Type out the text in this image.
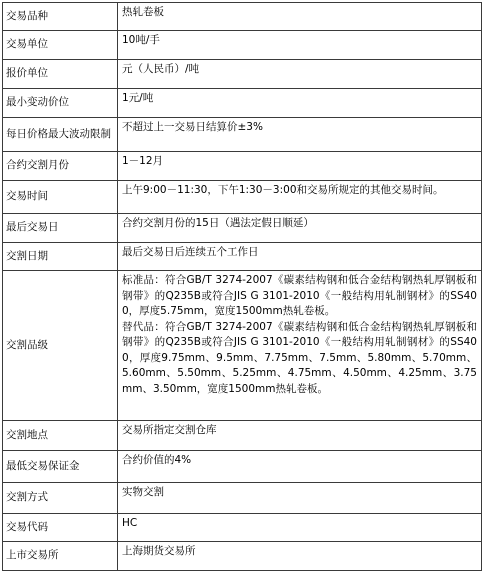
交易品种	热轧卷板
交易单位	10吨/手
报价单位	元（人民币）/吨
最小变动价位	1元/吨
每日价格最大波动限制	不超过上一交易日结算价±3%
合约交割月份	1－12月
交易时间	上午9:00－11:30，下午1:30－3:00和交易所规定的其他交易时间。
最后交易日	合约交割月份的15日（遇法定假日顺延）
交割日期	最后交易日后连续五个工作日
交割品级	标准品：符合GB/T 3274-2007《碳素结构钢和低合金结构钢热轧厚钢板和钢带》的Q235B或符合JIS G 3101-2010《一般结构用轧制钢材》的SS400，厚度5.75mm，宽度1500mm热轧卷板。
替代品：符合GB/T 3274-2007《碳素结构钢和低合金结构钢热轧厚钢板和钢带》的Q235B或符合JIS G 3101-2010《一般结构用轧制钢材》的SS400，厚度9.75mm、9.5mm、7.75mm、7.5mm、5.80mm、5.70mm、5.60mm、5.50mm、5.25mm、4.75mm、4.50mm、4.25mm、3.75mm、3.50mm，宽度1500mm热轧卷板。

交割地点	交易所指定交割仓库
最低交易保证金	合约价值的4%
交割方式	实物交割
交易代码	HC
上市交易所	上海期货交易所
